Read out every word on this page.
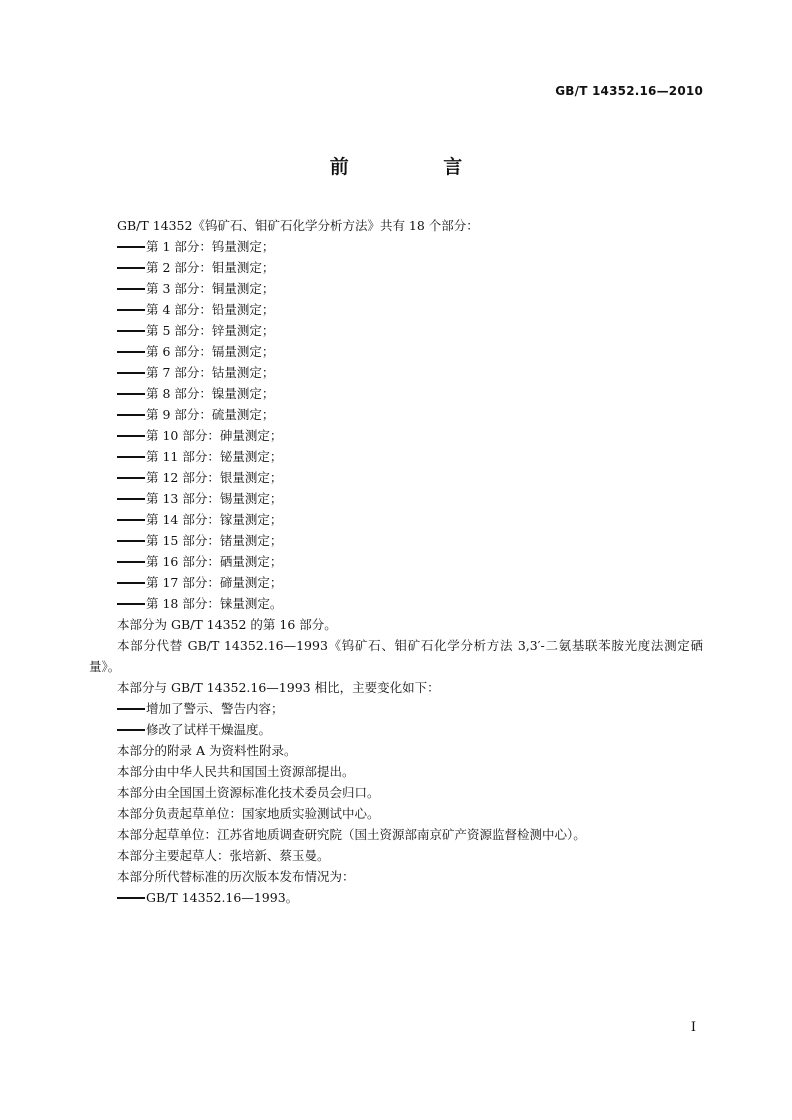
GB/T 14352.16—2010
前 言
GB/T 14352《钨矿石、钼矿石化学分析方法》共有 18 个部分：
第 1 部分：钨量测定；
第 2 部分：钼量测定；
第 3 部分：铜量测定；
第 4 部分：铅量测定；
第 5 部分：锌量测定；
第 6 部分：镉量测定；
第 7 部分：钴量测定；
第 8 部分：镍量测定；
第 9 部分：硫量测定；
第 10 部分：砷量测定；
第 11 部分：铋量测定；
第 12 部分：银量测定；
第 13 部分：锡量测定；
第 14 部分：镓量测定；
第 15 部分：锗量测定；
第 16 部分：硒量测定；
第 17 部分：碲量测定；
第 18 部分：铼量测定。
本部分为 GB/T 14352 的第 16 部分。
本部分代替 GB/T 14352.16—1993《钨矿石、钼矿石化学分析方法 3,3′-二氨基联苯胺光度法测定硒量》。
本部分与 GB/T 14352.16—1993 相比，主要变化如下：
增加了警示、警告内容；
修改了试样干燥温度。
本部分的附录 A 为资料性附录。
本部分由中华人民共和国国土资源部提出。
本部分由全国国土资源标准化技术委员会归口。
本部分负责起草单位：国家地质实验测试中心。
本部分起草单位：江苏省地质调查研究院（国土资源部南京矿产资源监督检测中心）。
本部分主要起草人：张培新、蔡玉曼。
本部分所代替标准的历次版本发布情况为：
GB/T 14352.16—1993。
I
